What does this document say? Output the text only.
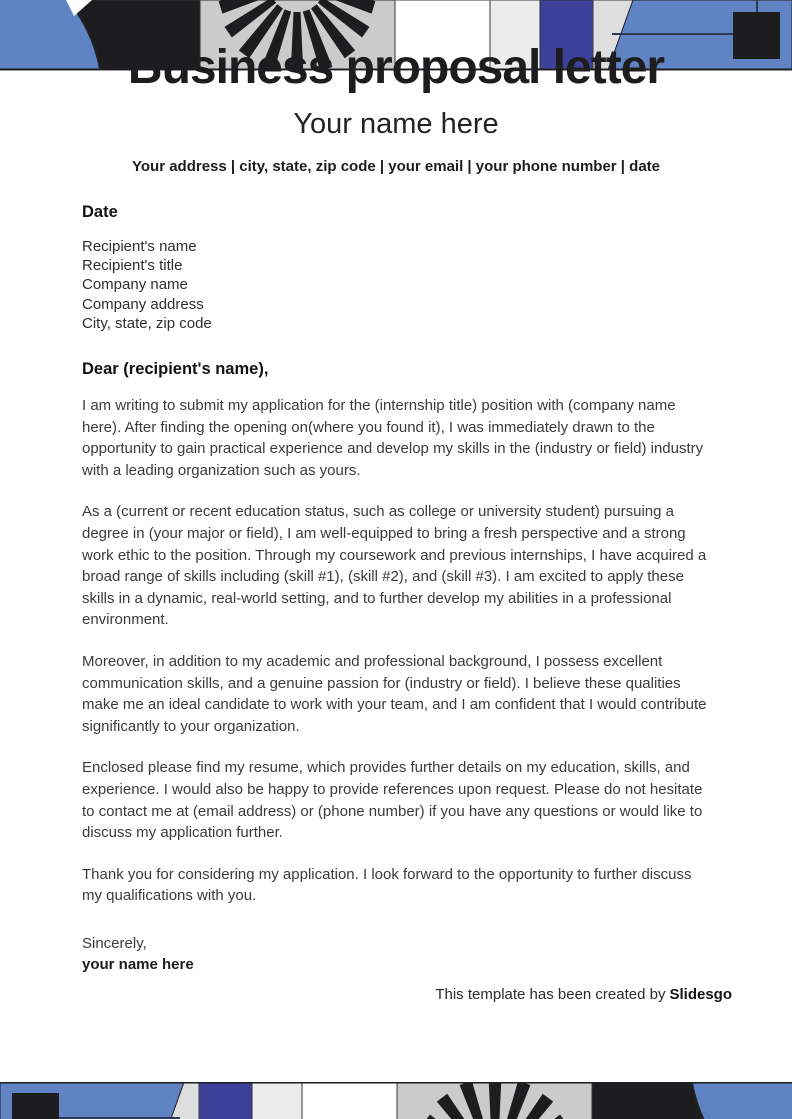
Business proposal letter
Your name here

Your address | city, state, zip code | your email | your phone number | date

Date

Recipient's name

Recipient's title

Company name

Company address

City, state, zip code

Dear (recipient's name),

I am writing to submit my application for the (internship title) position with (company name here). After finding the opening on(where you found it), I was immediately drawn to the opportunity to gain practical experience and develop my skills in the (industry or field) industry with a leading organization such as yours.

As a (current or recent education status, such as college or university student) pursuing a degree in (your major or field), I am well-equipped to bring a fresh perspective and a strong work ethic to the position. Through my coursework and previous internships, I have acquired a broad range of skills including (skill #1), (skill #2), and (skill #3). I am excited to apply these skills in a dynamic, real-world setting, and to further develop my abilities in a professional environment.

Moreover, in addition to my academic and professional background, I possess excellent communication skills, and a genuine passion for (industry or field). I believe these qualities make me an ideal candidate to work with your team, and I am confident that I would contribute significantly to your organization.

Enclosed please find my resume, which provides further details on my education, skills, and experience. I would also be happy to provide references upon request. Please do not hesitate to contact me at (email address) or (phone number) if you have any questions or would like to discuss my application further.

Thank you for considering my application. I look forward to the opportunity to further discuss my qualifications with you.

Sincerely,

your name here

This template has been created by Slidesgo
